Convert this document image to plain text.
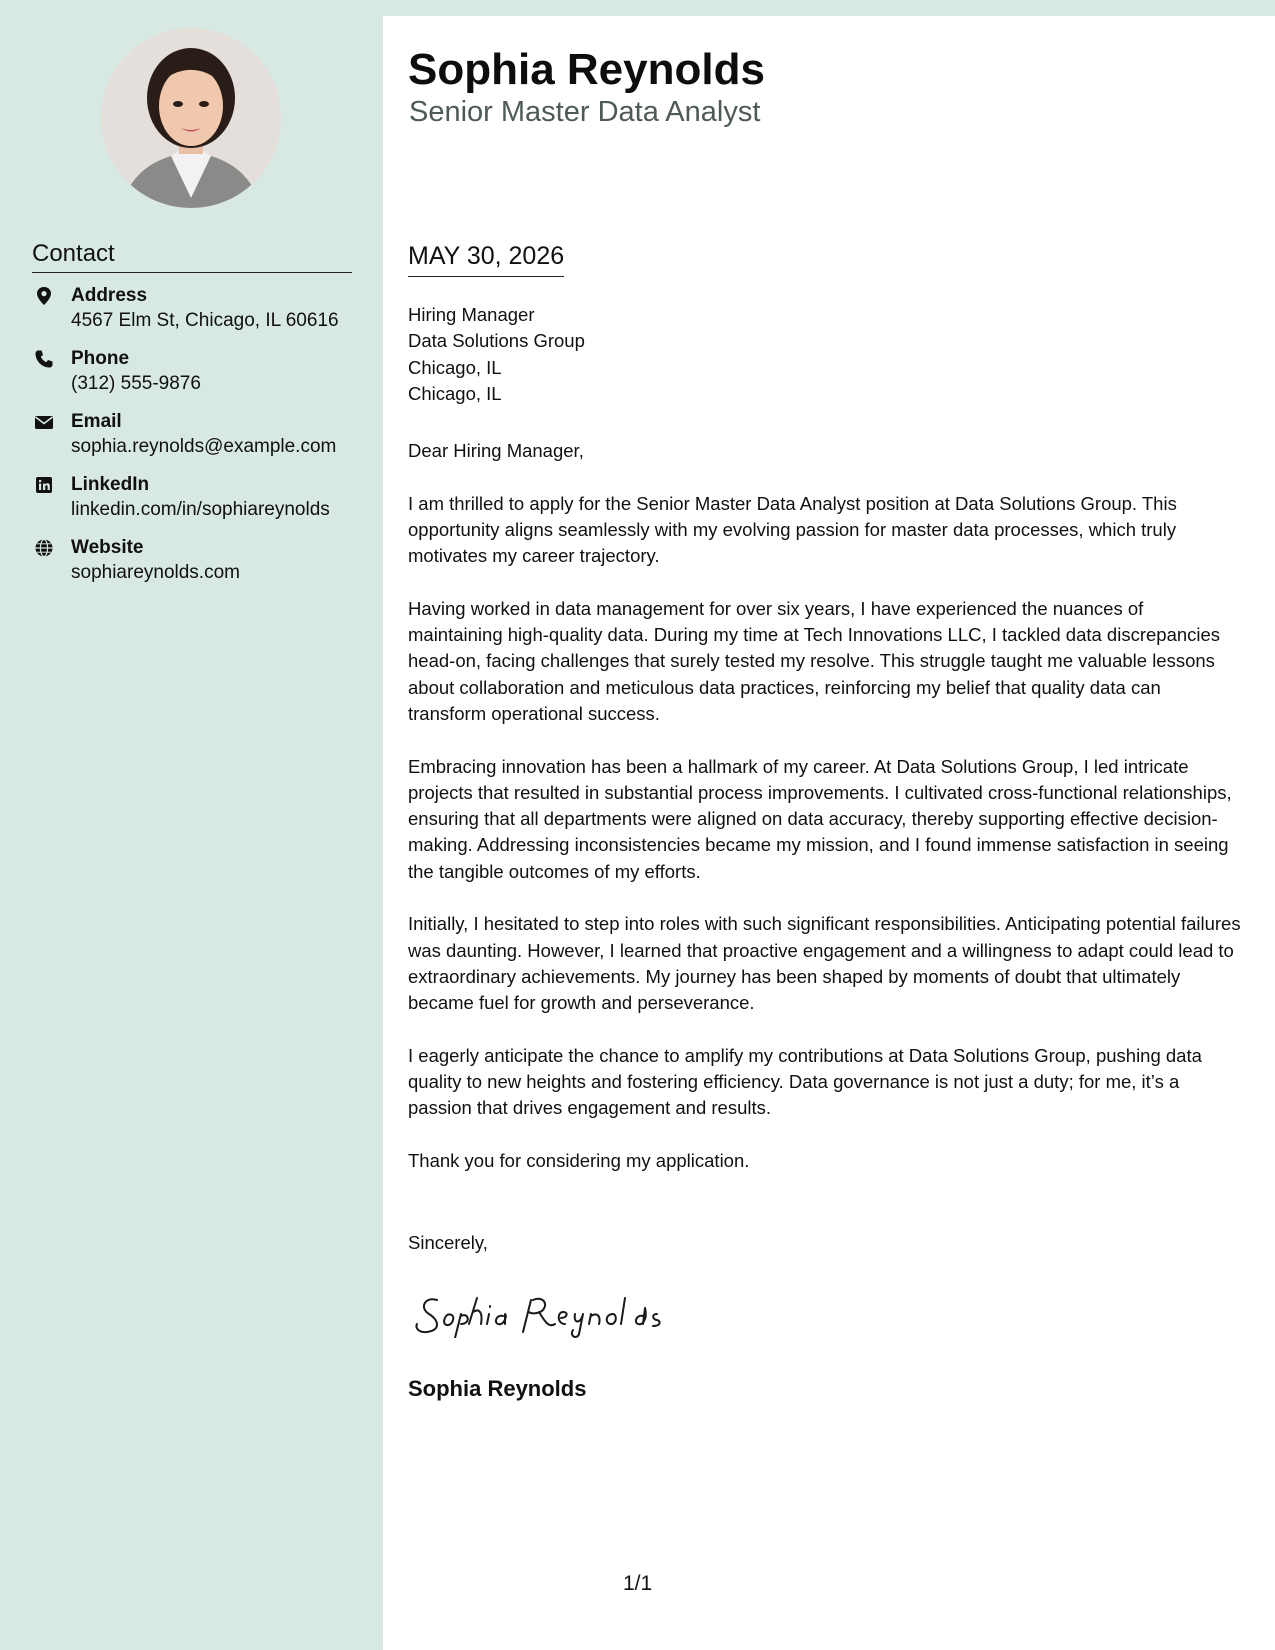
Contact
Address
4567 Elm St, Chicago, IL 60616
Phone
(312) 555-9876
Email
sophia.reynolds@example.com
LinkedIn
linkedin.com/in/sophiareynolds
Website
sophiareynolds.com
Sophia Reynolds
Senior Master Data Analyst
MAY 30, 2026
Hiring Manager
Data Solutions Group
Chicago, IL
Chicago, IL

Dear Hiring Manager,

I am thrilled to apply for the Senior Master Data Analyst position at Data Solutions Group. This opportunity aligns seamlessly with my evolving passion for master data processes, which truly motivates my career trajectory.

Having worked in data management for over six years, I have experienced the nuances of maintaining high-quality data. During my time at Tech Innovations LLC, I tackled data discrepancies head-on, facing challenges that surely tested my resolve. This struggle taught me valuable lessons about collaboration and meticulous data practices, reinforcing my belief that quality data can transform operational success.

Embracing innovation has been a hallmark of my career. At Data Solutions Group, I led intricate projects that resulted in substantial process improvements. I cultivated cross-functional relationships, ensuring that all departments were aligned on data accuracy, thereby supporting effective decision-making. Addressing inconsistencies became my mission, and I found immense satisfaction in seeing the tangible outcomes of my efforts.

Initially, I hesitated to step into roles with such significant responsibilities. Anticipating potential failures was daunting. However, I learned that proactive engagement and a willingness to adapt could lead to extraordinary achievements. My journey has been shaped by moments of doubt that ultimately became fuel for growth and perseverance.

I eagerly anticipate the chance to amplify my contributions at Data Solutions Group, pushing data quality to new heights and fostering efficiency. Data governance is not just a duty; for me, it’s a passion that drives engagement and results.

Thank you for considering my application.

Sincerely,
Sophia Reynolds
1/1
